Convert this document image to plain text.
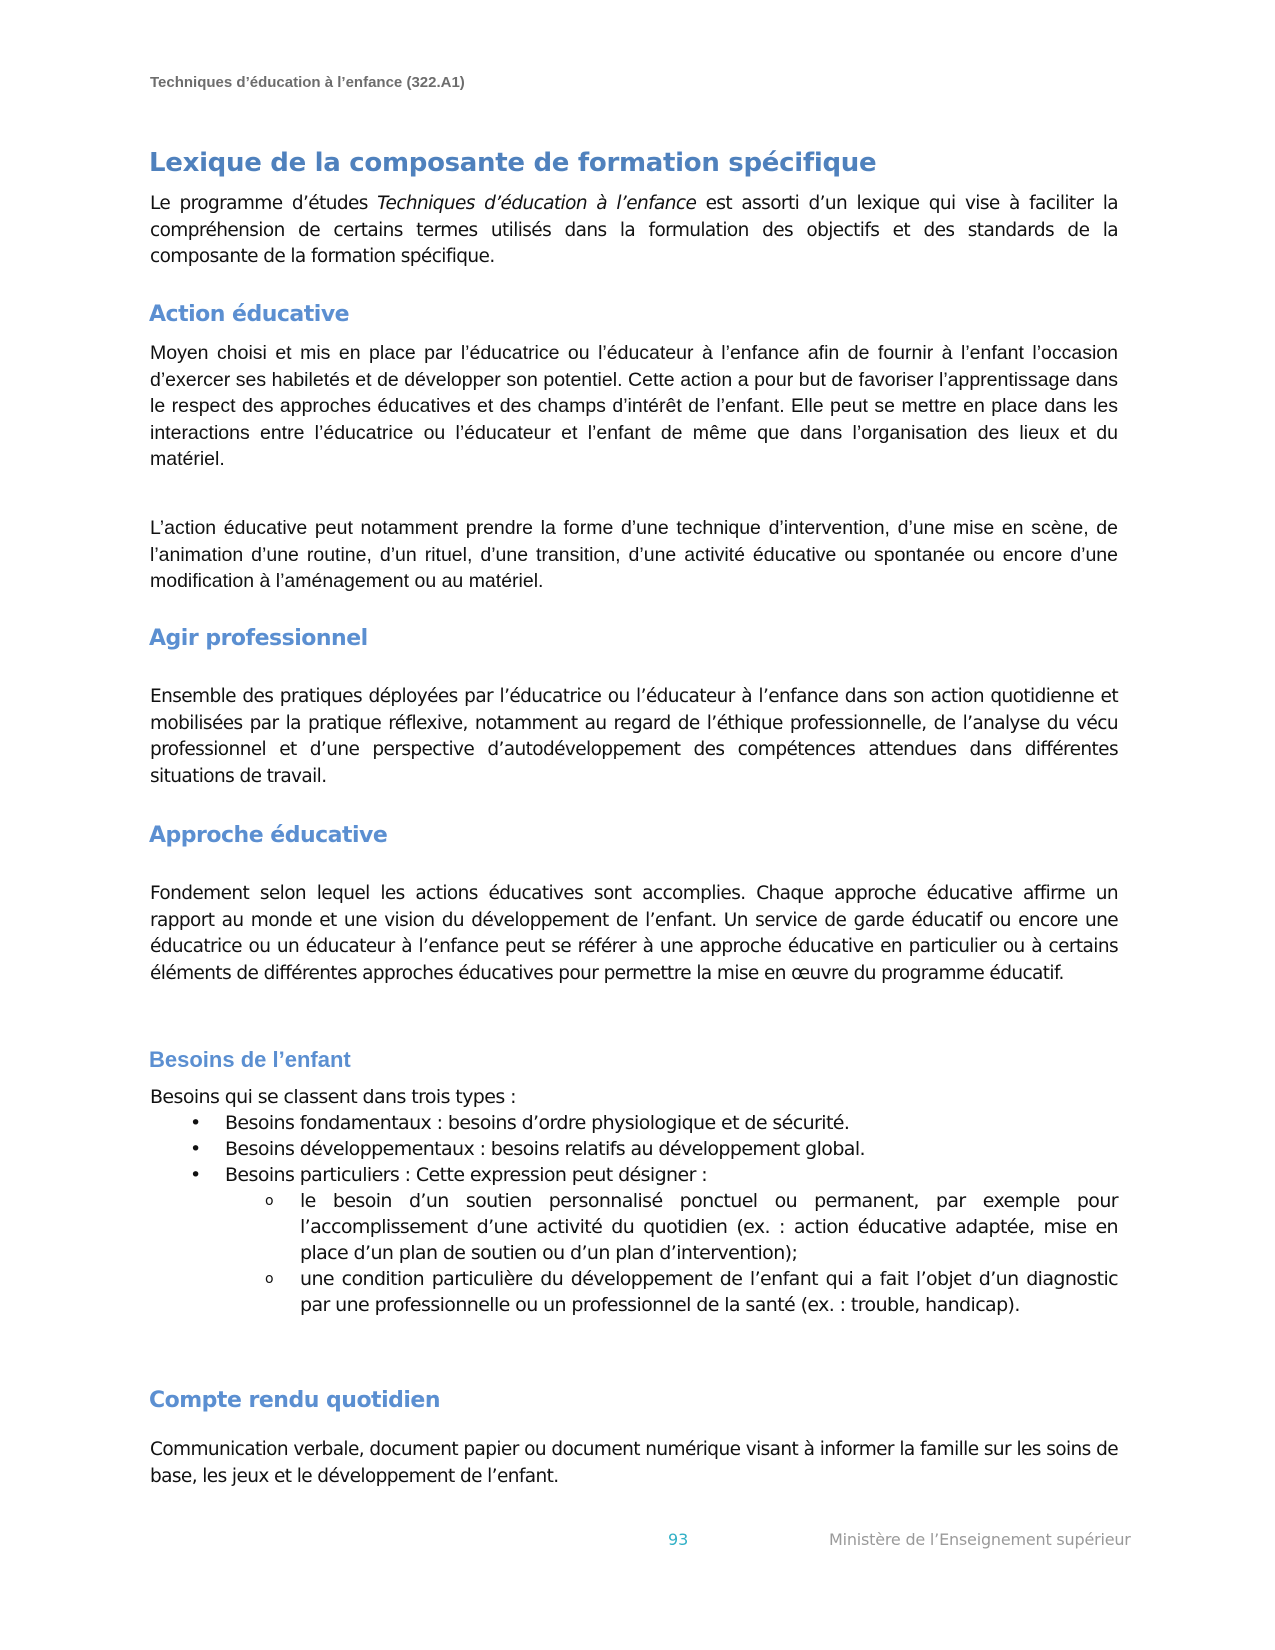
Techniques d’éducation à l’enfance (322.A1)
Lexique de la composante de formation spécifique

Le programme d’études Techniques d’éducation à l’enfance est assorti d’un lexique qui vise à faciliter la compréhension de certains termes utilisés dans la formulation des objectifs et des standards de la composante de la formation spécifique.

Action éducative

Moyen choisi et mis en place par l’éducatrice ou l’éducateur à l’enfance afin de fournir à l’enfant l’occasion d’exercer ses habiletés et de développer son potentiel. Cette action a pour but de favoriser l’apprentissage dans le respect des approches éducatives et des champs d’intérêt de l’enfant. Elle peut se mettre en place dans les interactions entre l’éducatrice ou l’éducateur et l’enfant de même que dans l’organisation des lieux et du matériel.

L’action éducative peut notamment prendre la forme d’une technique d’intervention, d’une mise en scène, de l’animation d’une routine, d’un rituel, d’une transition, d’une activité éducative ou spontanée ou encore d’une modification à l’aménagement ou au matériel.

Agir professionnel

Ensemble des pratiques déployées par l’éducatrice ou l’éducateur à l’enfance dans son action quotidienne et mobilisées par la pratique réflexive, notamment au regard de l’éthique professionnelle, de l’analyse du vécu professionnel et d’une perspective d’autodéveloppement des compétences attendues dans différentes situations de travail.

Approche éducative

Fondement selon lequel les actions éducatives sont accomplies. Chaque approche éducative affirme un rapport au monde et une vision du développement de l’enfant. Un service de garde éducatif ou encore une éducatrice ou un éducateur à l’enfance peut se référer à une approche éducative en particulier ou à certains éléments de différentes approches éducatives pour permettre la mise en œuvre du programme éducatif.

Besoins de l’enfant

Besoins qui se classent dans trois types :

• Besoins fondamentaux : besoins d’ordre physiologique et de sécurité.
• Besoins développementaux : besoins relatifs au développement global.
• Besoins particuliers : Cette expression peut désigner :
o le besoin d’un soutien personnalisé ponctuel ou permanent, par exemple pour l’accomplissement d’une activité du quotidien (ex. : action éducative adaptée, mise en place d’un plan de soutien ou d’un plan d’intervention);
o une condition particulière du développement de l’enfant qui a fait l’objet d’un diagnostic par une professionnelle ou un professionnel de la santé (ex. : trouble, handicap).
Compte rendu quotidien

Communication verbale, document papier ou document numérique visant à informer la famille sur les soins de base, les jeux et le développement de l’enfant.

93	Ministère de l’Enseignement supérieur
